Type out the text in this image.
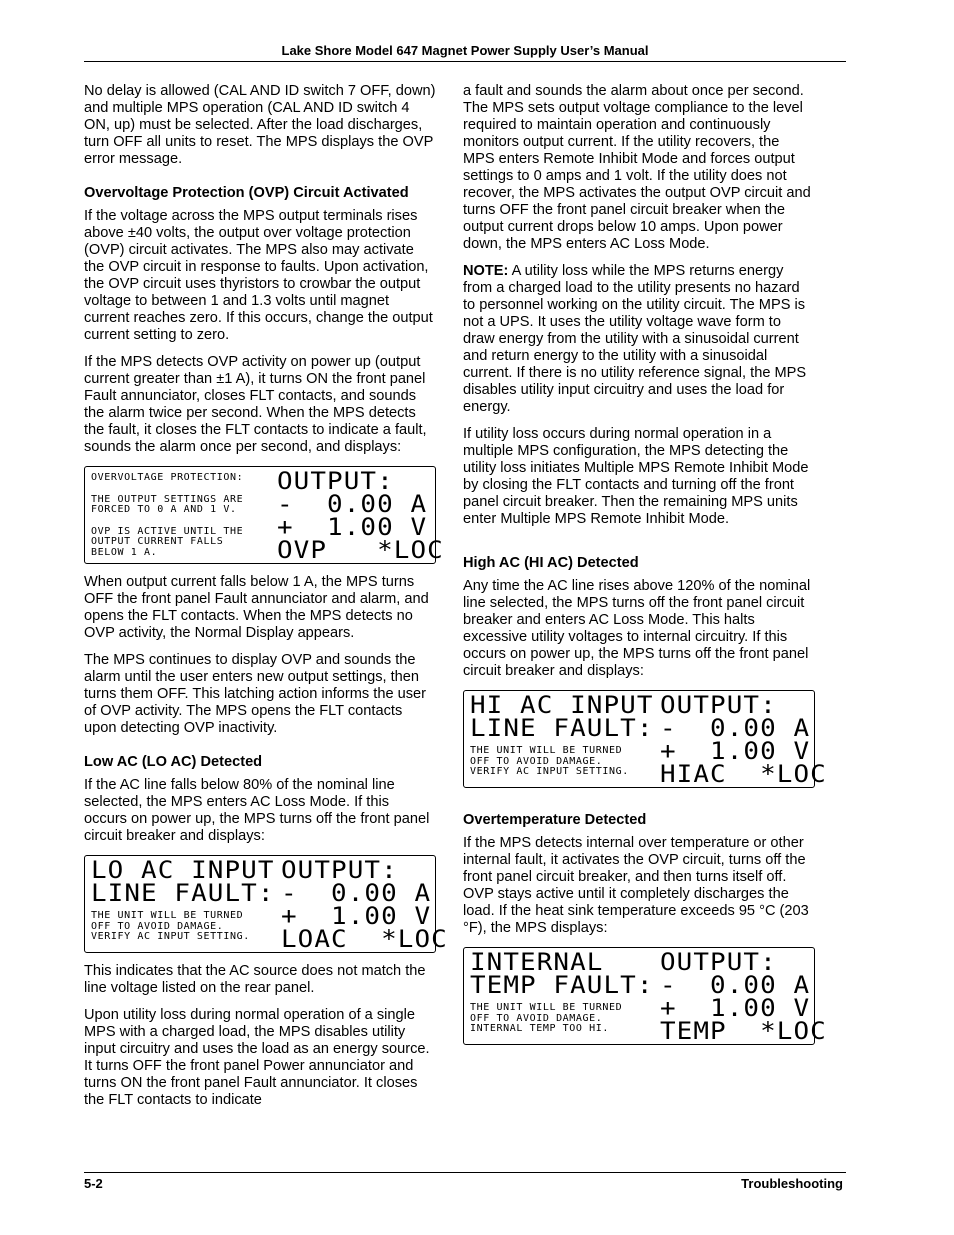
Lake Shore Model 647 Magnet Power Supply User’s Manual

No delay is allowed (CAL AND ID switch 7 OFF, down) and multiple MPS operation (CAL AND ID switch 4 ON, up) must be selected. After the load discharges, turn OFF all units to reset. The MPS displays the OVP error message.

Overvoltage Protection (OVP) Circuit Activated

If the voltage across the MPS output terminals rises above ±40 volts, the output over voltage protection (OVP) circuit activates. The MPS also may activate the OVP circuit in response to faults. Upon activation, the OVP circuit uses thyristors to crowbar the output voltage to between 1 and 1.3 volts until magnet current reaches zero. If this occurs, change the output current setting to zero.

If the MPS detects OVP activity on power up (output current greater than ±1 A), it turns ON the front panel Fault annunciator, closes FLT contacts, and sounds the alarm twice per second. When the MPS detects the fault, it closes the FLT contacts to indicate a fault, sounds the alarm once per second, and displays:

OVERVOLTAGE PROTECTION:
THE OUTPUT SETTINGS ARE
FORCED TO 0 A AND 1 V.
OVP IS ACTIVE UNTIL THE
OUTPUT CURRENT FALLS
BELOW 1 A.
OUTPUT:
-  0.00 A
+  1.00 V
OVP   *LOC

When output current falls below 1 A, the MPS turns OFF the front panel Fault annunciator and alarm, and opens the FLT contacts. When the MPS detects no OVP activity, the Normal Display appears.

The MPS continues to display OVP and sounds the alarm until the user enters new output settings, then turns them OFF. This latching action informs the user of OVP activity. The MPS opens the FLT contacts upon detecting OVP inactivity.

Low AC (LO AC) Detected

If the AC line falls below 80% of the nominal line selected, the MPS enters AC Loss Mode. If this occurs on power up, the MPS turns off the front panel circuit breaker and displays:

LO AC INPUT
LINE FAULT:
THE UNIT WILL BE TURNED
OFF TO AVOID DAMAGE.
VERIFY AC INPUT SETTING.
OUTPUT:
-  0.00 A
+  1.00 V
LOAC  *LOC

This indicates that the AC source does not match the line voltage listed on the rear panel.

Upon utility loss during normal operation of a single MPS with a charged load, the MPS disables utility input circuitry and uses the load as an energy source. It turns OFF the front panel Power annunciator and turns ON the front panel Fault annunciator. It closes the FLT contacts to indicate

a fault and sounds the alarm about once per second. The MPS sets output voltage compliance to the level required to maintain operation and continuously monitors output current. If the utility recovers, the MPS enters Remote Inhibit Mode and forces output settings to 0 amps and 1 volt. If the utility does not recover, the MPS activates the output OVP circuit and turns OFF the front panel circuit breaker when the output current drops below 10 amps. Upon power down, the MPS enters AC Loss Mode.

NOTE: A utility loss while the MPS returns energy from a charged load to the utility presents no hazard to personnel working on the utility circuit. The MPS is not a UPS. It uses the utility voltage wave form to draw energy from the utility with a sinusoidal current and return energy to the utility with a sinusoidal current. If there is no utility reference signal, the MPS disables utility input circuitry and uses the load for energy.

If utility loss occurs during normal operation in a multiple MPS configuration, the MPS detecting the utility loss initiates Multiple MPS Remote Inhibit Mode by closing the FLT contacts and turning off the front panel circuit breaker. Then the remaining MPS units enter Multiple MPS Remote Inhibit Mode.

High AC (HI AC) Detected

Any time the AC line rises above 120% of the nominal line selected, the MPS turns off the front panel circuit breaker and enters AC Loss Mode. This halts excessive utility voltages to internal circuitry. If this occurs on power up, the MPS turns off the front panel circuit breaker and displays:

HI AC INPUT
LINE FAULT:
THE UNIT WILL BE TURNED
OFF TO AVOID DAMAGE.
VERIFY AC INPUT SETTING.
OUTPUT:
-  0.00 A
+  1.00 V
HIAC  *LOC
Overtemperature Detected

If the MPS detects internal over temperature or other internal fault, it activates the OVP circuit, turns off the front panel circuit breaker, and then turns itself off. OVP stays active until it completely discharges the load. If the heat sink temperature exceeds 95 °C (203 °F), the MPS displays:

INTERNAL
TEMP FAULT:
THE UNIT WILL BE TURNED
OFF TO AVOID DAMAGE.
INTERNAL TEMP TOO HI.
OUTPUT:
-  0.00 A
+  1.00 V
TEMP  *LOC
5-2	Troubleshooting
